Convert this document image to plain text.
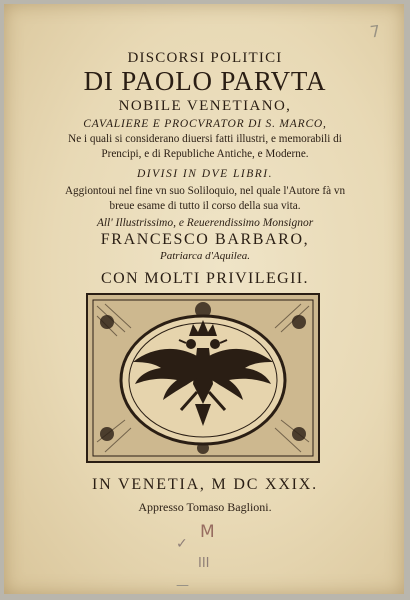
DISCORSI POLITICI
DI PAOLO PARVTA
NOBILE VENETIANO,
CAVALIERE E PROCVRATOR DI S. MARCO,
Ne i quali si considerano diuersi fatti illustri, e memorabili di
Prencipi, e di Republiche Antiche, e Moderne.
DIVISI IN DVE LIBRI.
Aggiontoui nel fine vn suo Soliloquio, nel quale l'Autore fà vn
breue esame di tutto il corso della sua vita.
All' Illustrissimo, e Reuerendissimo Monsignor
FRANCESCO BARBARO,
Patriarca d'Aquilea.
CON MOLTI PRIVILEGII.
IN VENETIA, M DC XXIX.
Appresso Tomaso Baglioni.
7
✓
M
III
—
